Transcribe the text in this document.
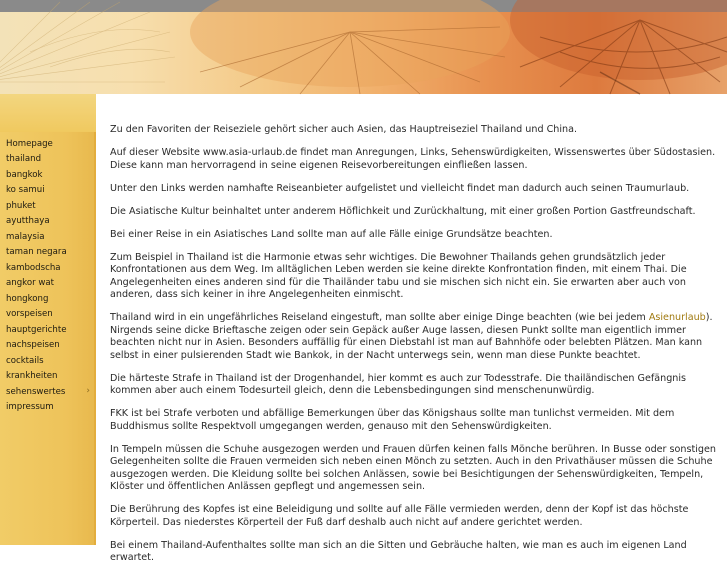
Homepage
thailand
bangkok
ko samui
phuket
ayutthaya
malaysia
taman negara
kambodscha
angkor wat
hongkong
vorspeisen
hauptgerichte
nachspeisen
cocktails
krankheiten
sehenswertes ›
impressum

Zu den Favoriten der Reiseziele gehört sicher auch Asien, das Hauptreiseziel Thailand und China.

Auf dieser Website www.asia-urlaub.de findet man Anregungen, Links, Sehenswürdigkeiten, Wissenswertes über Südostasien. Diese kann man hervorragend in seine eigenen Reisevorbereitungen einfließen lassen.

Unter den Links werden namhafte Reiseanbieter aufgelistet und vielleicht findet man dadurch auch seinen Traumurlaub.

Die Asiatische Kultur beinhaltet unter anderem Höflichkeit und Zurückhaltung, mit einer großen Portion Gastfreundschaft.

Bei einer Reise in ein Asiatisches Land sollte man auf alle Fälle einige Grundsätze beachten.

Zum Beispiel in Thailand ist die Harmonie etwas sehr wichtiges. Die Bewohner Thailands gehen grundsätzlich jeder Konfrontationen aus dem Weg. Im alltäglichen Leben werden sie keine direkte Konfrontation finden, mit einem Thai. Die Angelegenheiten eines anderen sind für die Thailänder tabu und sie mischen sich nicht ein. Sie erwarten aber auch von anderen, dass sich keiner in ihre Angelegenheiten einmischt.

Thailand wird in ein ungefährliches Reiseland eingestuft, man sollte aber einige Dinge beachten (wie bei jedem Asienurlaub). Nirgends seine dicke Brieftasche zeigen oder sein Gepäck außer Auge lassen, diesen Punkt sollte man eigentlich immer beachten nicht nur in Asien. Besonders auffällig für einen Diebstahl ist man auf Bahnhöfe oder belebten Plätzen. Man kann selbst in einer pulsierenden Stadt wie Bankok, in der Nacht unterwegs sein, wenn man diese Punkte beachtet.

Die härteste Strafe in Thailand ist der Drogenhandel, hier kommt es auch zur Todesstrafe. Die thailändischen Gefängnis kommen aber auch einem Todesurteil gleich, denn die Lebensbedingungen sind menschenunwürdig.

FKK ist bei Strafe verboten und abfällige Bemerkungen über das Königshaus sollte man tunlichst vermeiden. Mit dem Buddhismus sollte Respektvoll umgegangen werden, genauso mit den Sehenswürdigkeiten.

In Tempeln müssen die Schuhe ausgezogen werden und Frauen dürfen keinen falls Mönche berühren. In Busse oder sonstigen Gelegenheiten sollte die Frauen vermeiden sich neben einen Mönch zu setzten. Auch in den Privathäuser müssen die Schuhe ausgezogen werden. Die Kleidung sollte bei solchen Anlässen, sowie bei Besichtigungen der Sehenswürdigkeiten, Tempeln, Klöster und öffentlichen Anlässen gepflegt und angemessen sein.

Die Berührung des Kopfes ist eine Beleidigung und sollte auf alle Fälle vermieden werden, denn der Kopf ist das höchste Körperteil. Das niederstes Körperteil der Fuß darf deshalb auch nicht auf andere gerichtet werden.

Bei einem Thailand-Aufenthaltes sollte man sich an die Sitten und Gebräuche halten, wie man es auch im eigenen Land erwartet.
